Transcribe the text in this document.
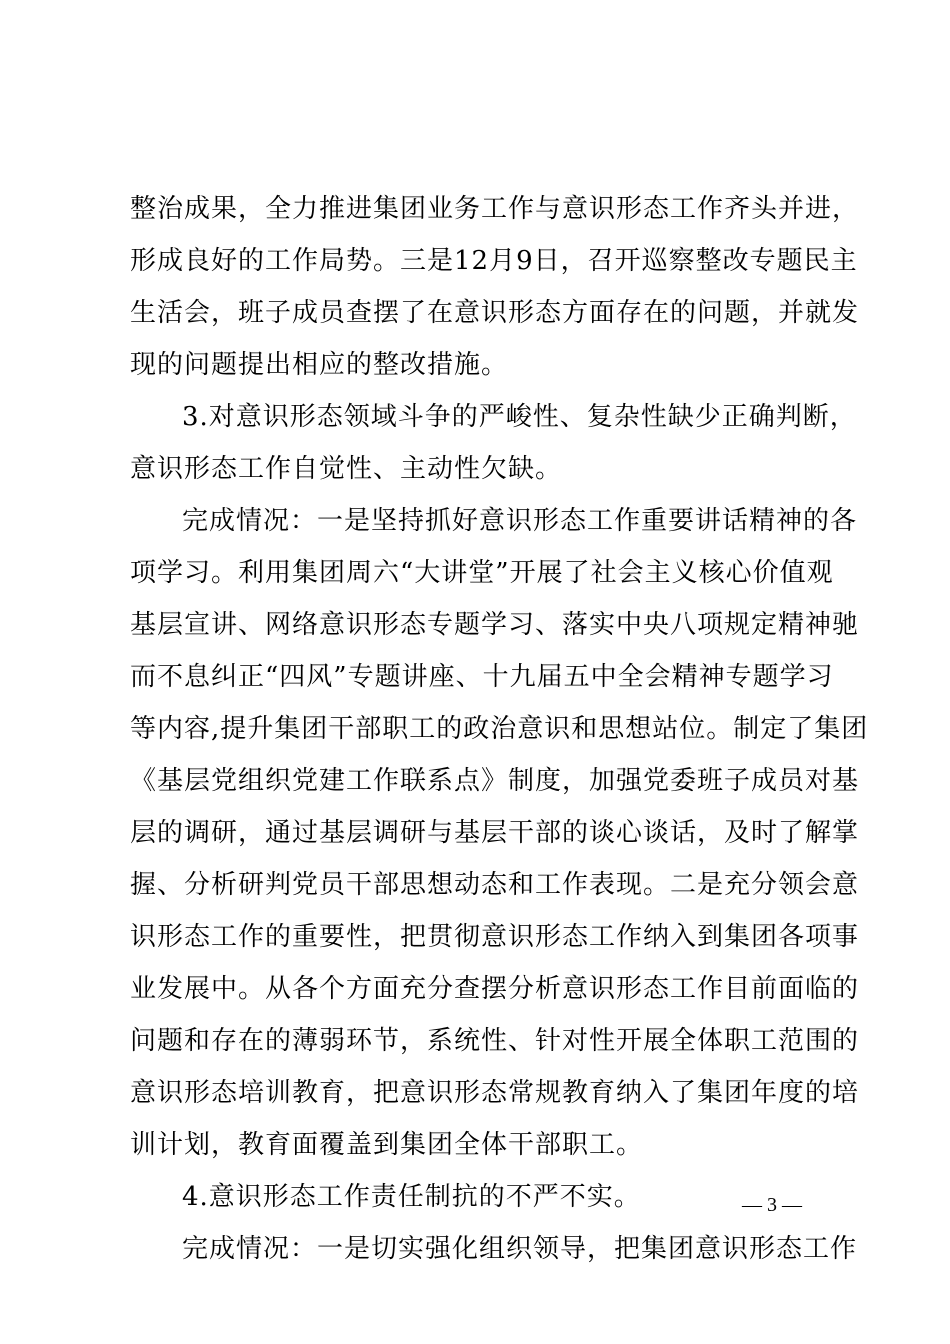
整治成果，全力推进集团业务工作与意识形态工作齐头并进，
形成良好的工作局势。三是12月9日，召开巡察整改专题民主
生活会，班子成员查摆了在意识形态方面存在的问题，并就发
现的问题提出相应的整改措施。
3.对意识形态领域斗争的严峻性、复杂性缺少正确判断，
意识形态工作自觉性、主动性欠缺。
完成情况：一是坚持抓好意识形态工作重要讲话精神的各
项学习。利用集团周六“大讲堂”开展了社会主义核心价值观
基层宣讲、网络意识形态专题学习、落实中央八项规定精神驰
而不息纠正“四风”专题讲座、十九届五中全会精神专题学习
等内容,提升集团干部职工的政治意识和思想站位。制定了集团
《基层党组织党建工作联系点》制度，加强党委班子成员对基
层的调研，通过基层调研与基层干部的谈心谈话，及时了解掌
握、分析研判党员干部思想动态和工作表现。二是充分领会意
识形态工作的重要性，把贯彻意识形态工作纳入到集团各项事
业发展中。从各个方面充分查摆分析意识形态工作目前面临的
问题和存在的薄弱环节，系统性、针对性开展全体职工范围的
意识形态培训教育，把意识形态常规教育纳入了集团年度的培
训计划，教育面覆盖到集团全体干部职工。
4.意识形态工作责任制抗的不严不实。
完成情况：一是切实强化组织领导，把集团意识形态工作
— 3 —
